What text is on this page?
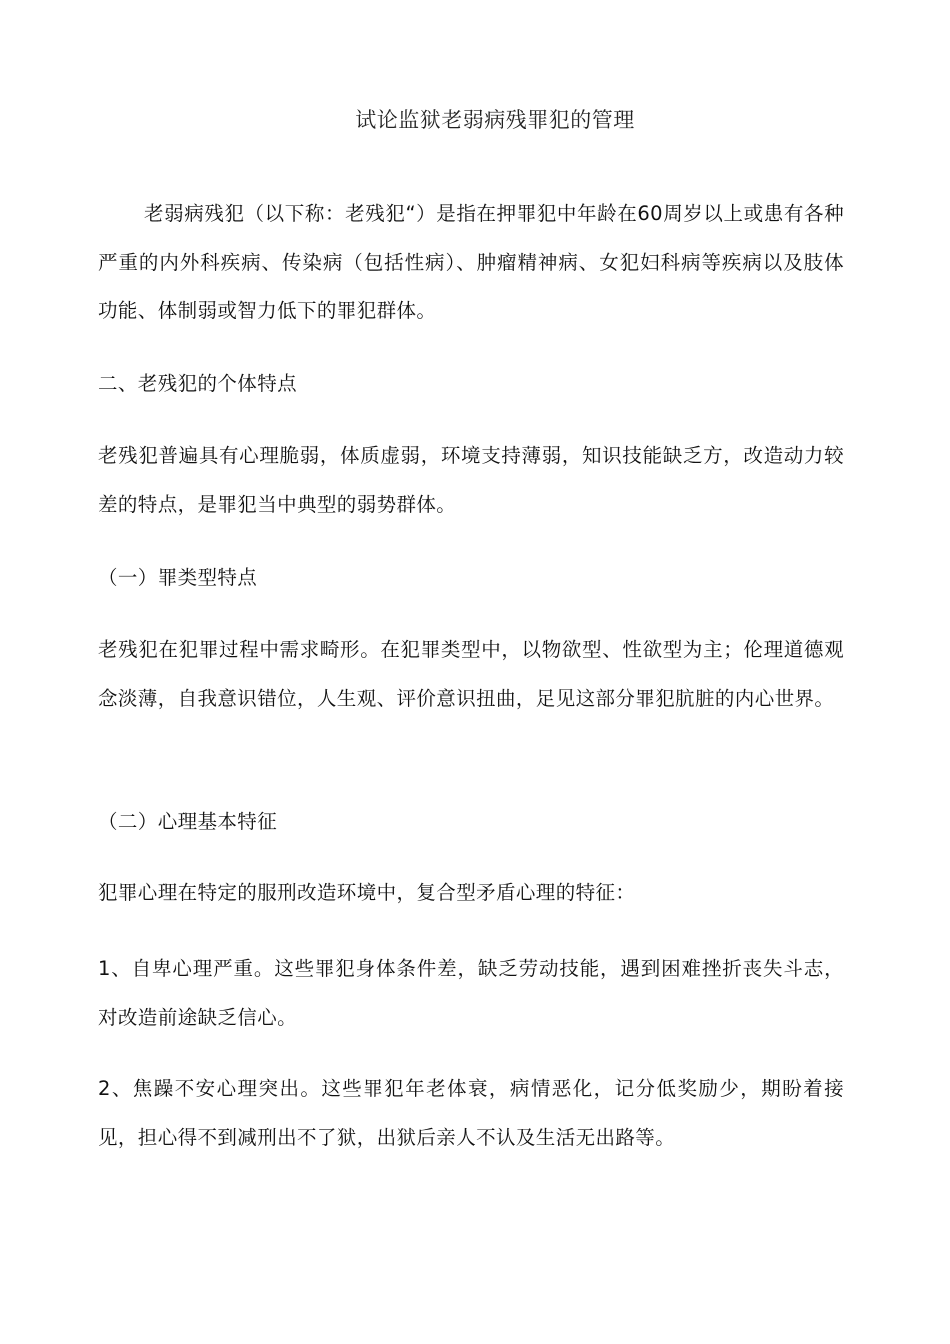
试论监狱老弱病残罪犯的管理

老弱病残犯（以下称：老残犯“）是指在押罪犯中年龄在60周岁以上或患有各种严重的内外科疾病、传染病（包括性病）、肿瘤精神病、女犯妇科病等疾病以及肢体功能、体制弱或智力低下的罪犯群体。

二、老残犯的个体特点

老残犯普遍具有心理脆弱，体质虚弱，环境支持薄弱，知识技能缺乏方，改造动力较差的特点，是罪犯当中典型的弱势群体。

（一）罪类型特点

老残犯在犯罪过程中需求畸形。在犯罪类型中，以物欲型、性欲型为主；伦理道德观念淡薄，自我意识错位，人生观、评价意识扭曲，足见这部分罪犯肮脏的内心世界。

（二）心理基本特征

犯罪心理在特定的服刑改造环境中，复合型矛盾心理的特征：

1、自卑心理严重。这些罪犯身体条件差，缺乏劳动技能，遇到困难挫折丧失斗志，对改造前途缺乏信心。

2、焦躁不安心理突出。这些罪犯年老体衰，病情恶化，记分低奖励少，期盼着接见，担心得不到减刑出不了狱，出狱后亲人不认及生活无出路等。
